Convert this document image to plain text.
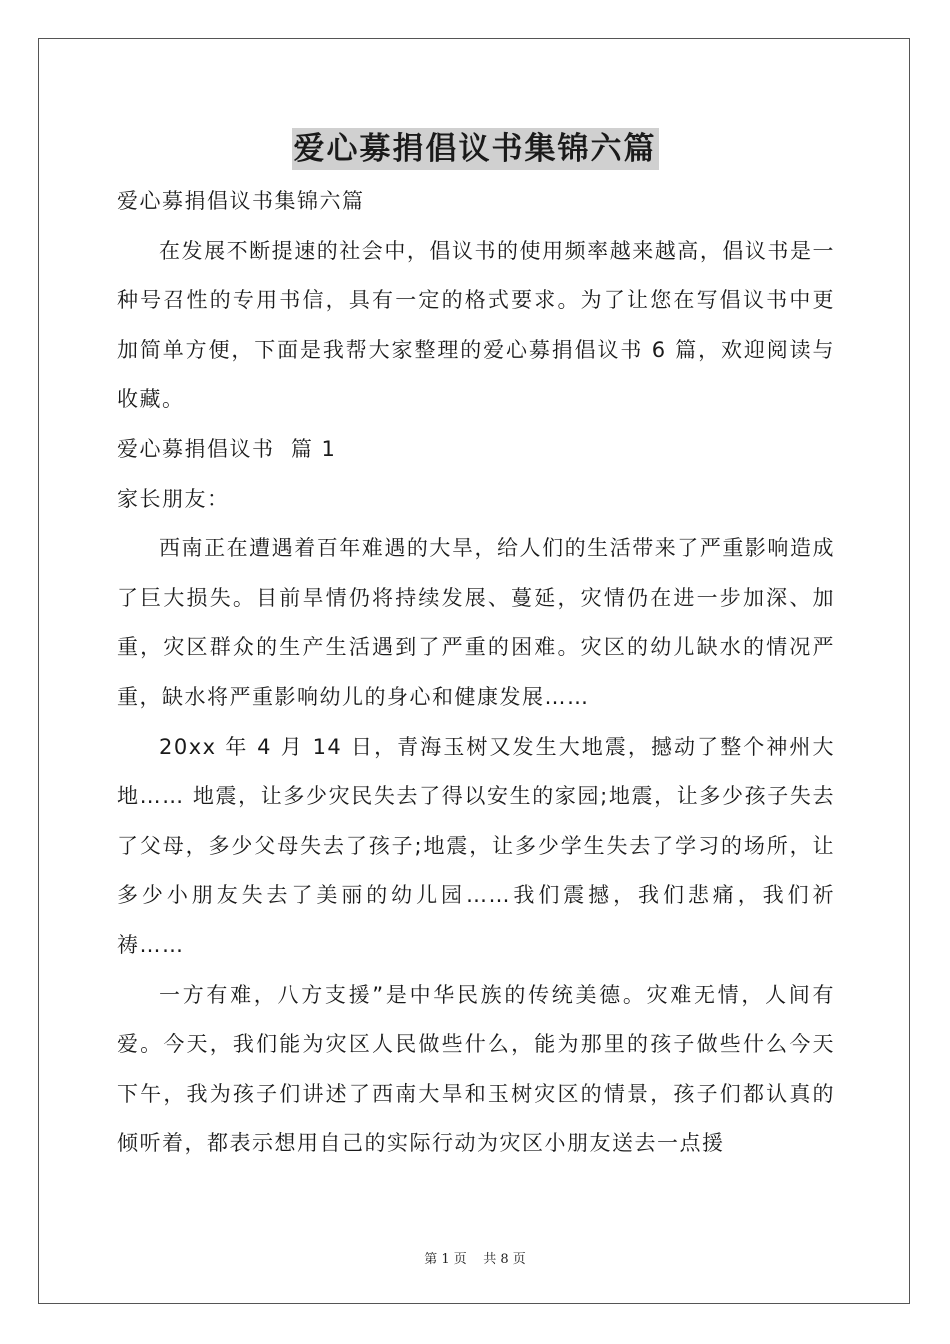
爱心募捐倡议书集锦六篇

爱心募捐倡议书集锦六篇

在发展不断提速的社会中，倡议书的使用频率越来越高，倡议书是一种号召性的专用书信，具有一定的格式要求。为了让您在写倡议书中更加简单方便，下面是我帮大家整理的爱心募捐倡议书 6 篇，欢迎阅读与收藏。

爱心募捐倡议书  篇 1

家长朋友：

西南正在遭遇着百年难遇的大旱，给人们的生活带来了严重影响造成了巨大损失。目前旱情仍将持续发展、蔓延，灾情仍在进一步加深、加重，灾区群众的生产生活遇到了严重的困难。灾区的幼儿缺水的情况严重，缺水将严重影响幼儿的身心和健康发展……

20xx 年 4 月 14 日，青海玉树又发生大地震，撼动了整个神州大地…… 地震，让多少灾民失去了得以安生的家园;地震，让多少孩子失去了父母，多少父母失去了孩子;地震，让多少学生失去了学习的场所，让多少小朋友失去了美丽的幼儿园……我们震撼，我们悲痛，我们祈祷……

一方有难，八方支援”是中华民族的传统美德。灾难无情，人间有爱。今天，我们能为灾区人民做些什么，能为那里的孩子做些什么今天下午，我为孩子们讲述了西南大旱和玉树灾区的情景，孩子们都认真的倾听着，都表示想用自己的实际行动为灾区小朋友送去一点援

第 1 页    共 8 页
